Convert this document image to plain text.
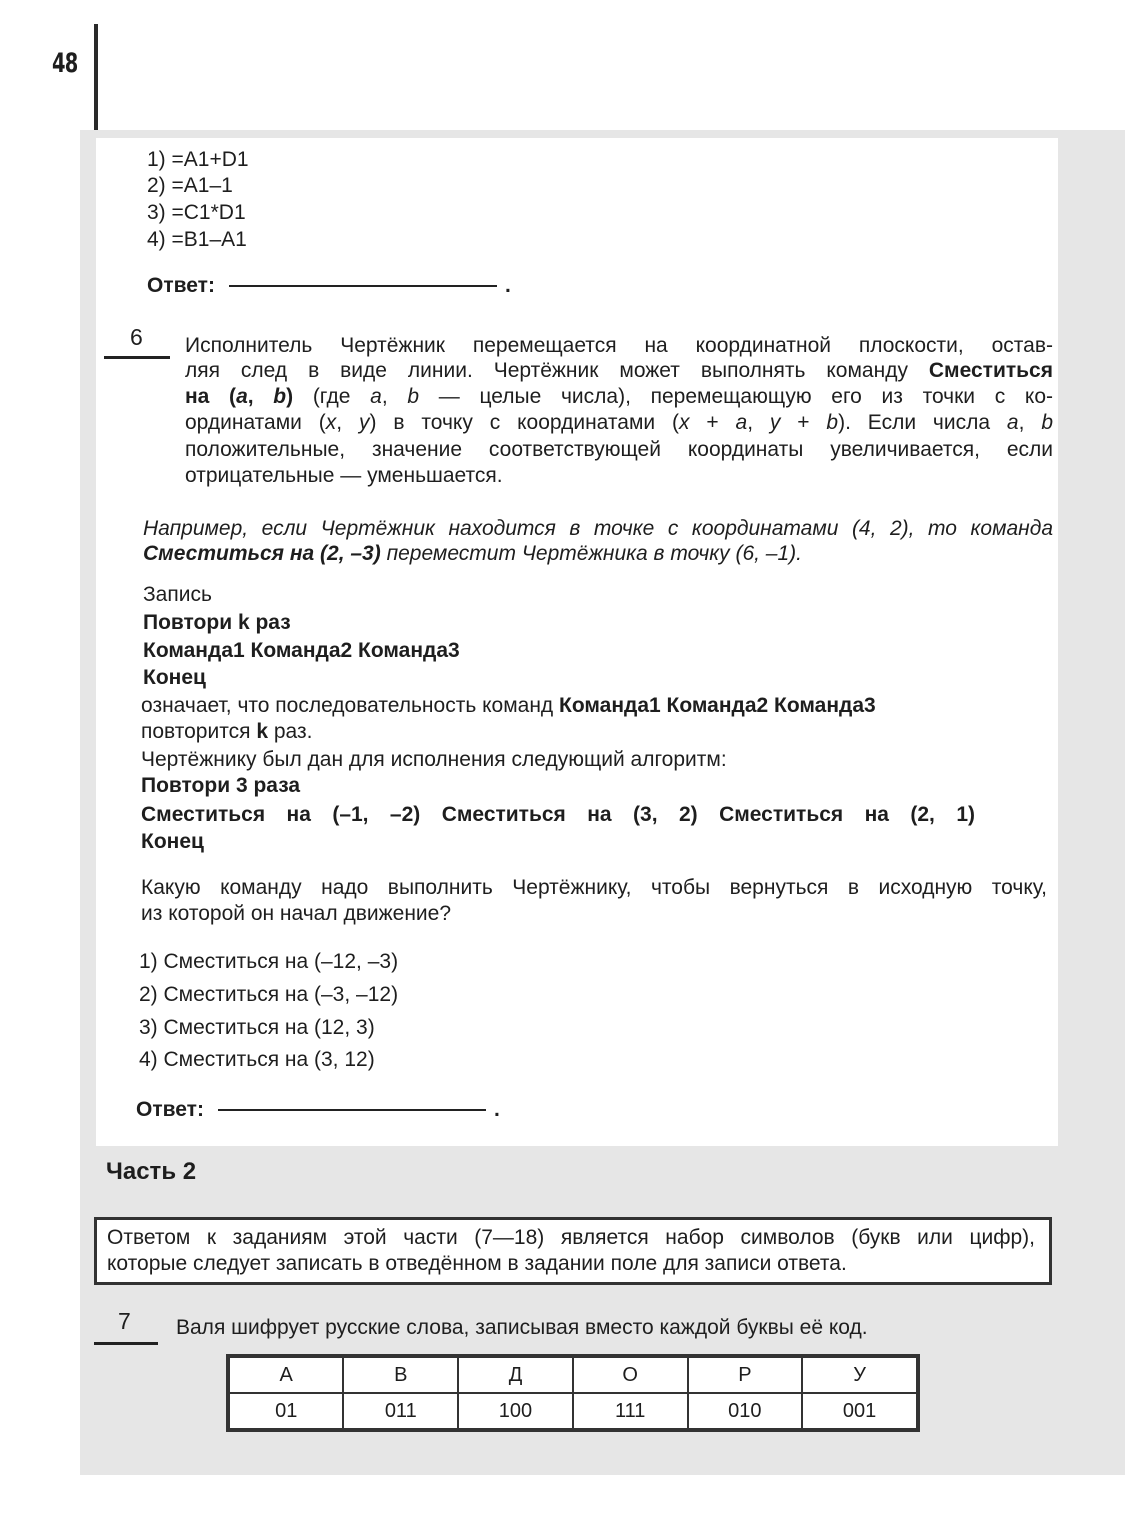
48
1) =A1+D1
2) =A1–1
3) =C1*D1
4) =B1–A1
Ответ:	.
6 Исполнитель Чертёжник перемещается на координатной плоскости, остав-
ляя след в виде линии. Чертёжник может выполнять команду Сместиться
на (a, b) (где a, b — целые числа), перемещающую его из точки с ко-
ординатами (x, y) в точку с координатами (x + a, y + b). Если числа a, b
положительные, значение соответствующей координаты увеличивается, если
отрицательные — уменьшается.
Например, если Чертёжник находится в точке с координатами (4, 2), то команда
Сместиться на (2, –3) переместит Чертёжника в точку (6, –1).
Запись
Повтори k раз
Команда1 Команда2 Команда3
Конец
означает, что последовательность команд Команда1 Команда2 Команда3
повторится k раз.
Чертёжнику был дан для исполнения следующий алгоритм:
Повтори 3 раза
Сместиться на (–1, –2) Сместиться на (3, 2) Сместиться на (2, 1)
Конец
Какую команду надо выполнить Чертёжнику, чтобы вернуться в исходную точку,
из которой он начал движение?
1) Сместиться на (–12, –3)
2) Сместиться на (–3, –12)
3) Сместиться на (12, 3)
4) Сместиться на (3, 12)
Ответ:	.
Часть 2
Ответом к заданиям этой части (7—18) является набор символов (букв или цифр),
которые следует записать в отведённом в задании поле для записи ответа.
7 Валя шифрует русские слова, записывая вместо каждой буквы её код.
А	В	Д	О	Р	У
01	011	100	111	010	001
